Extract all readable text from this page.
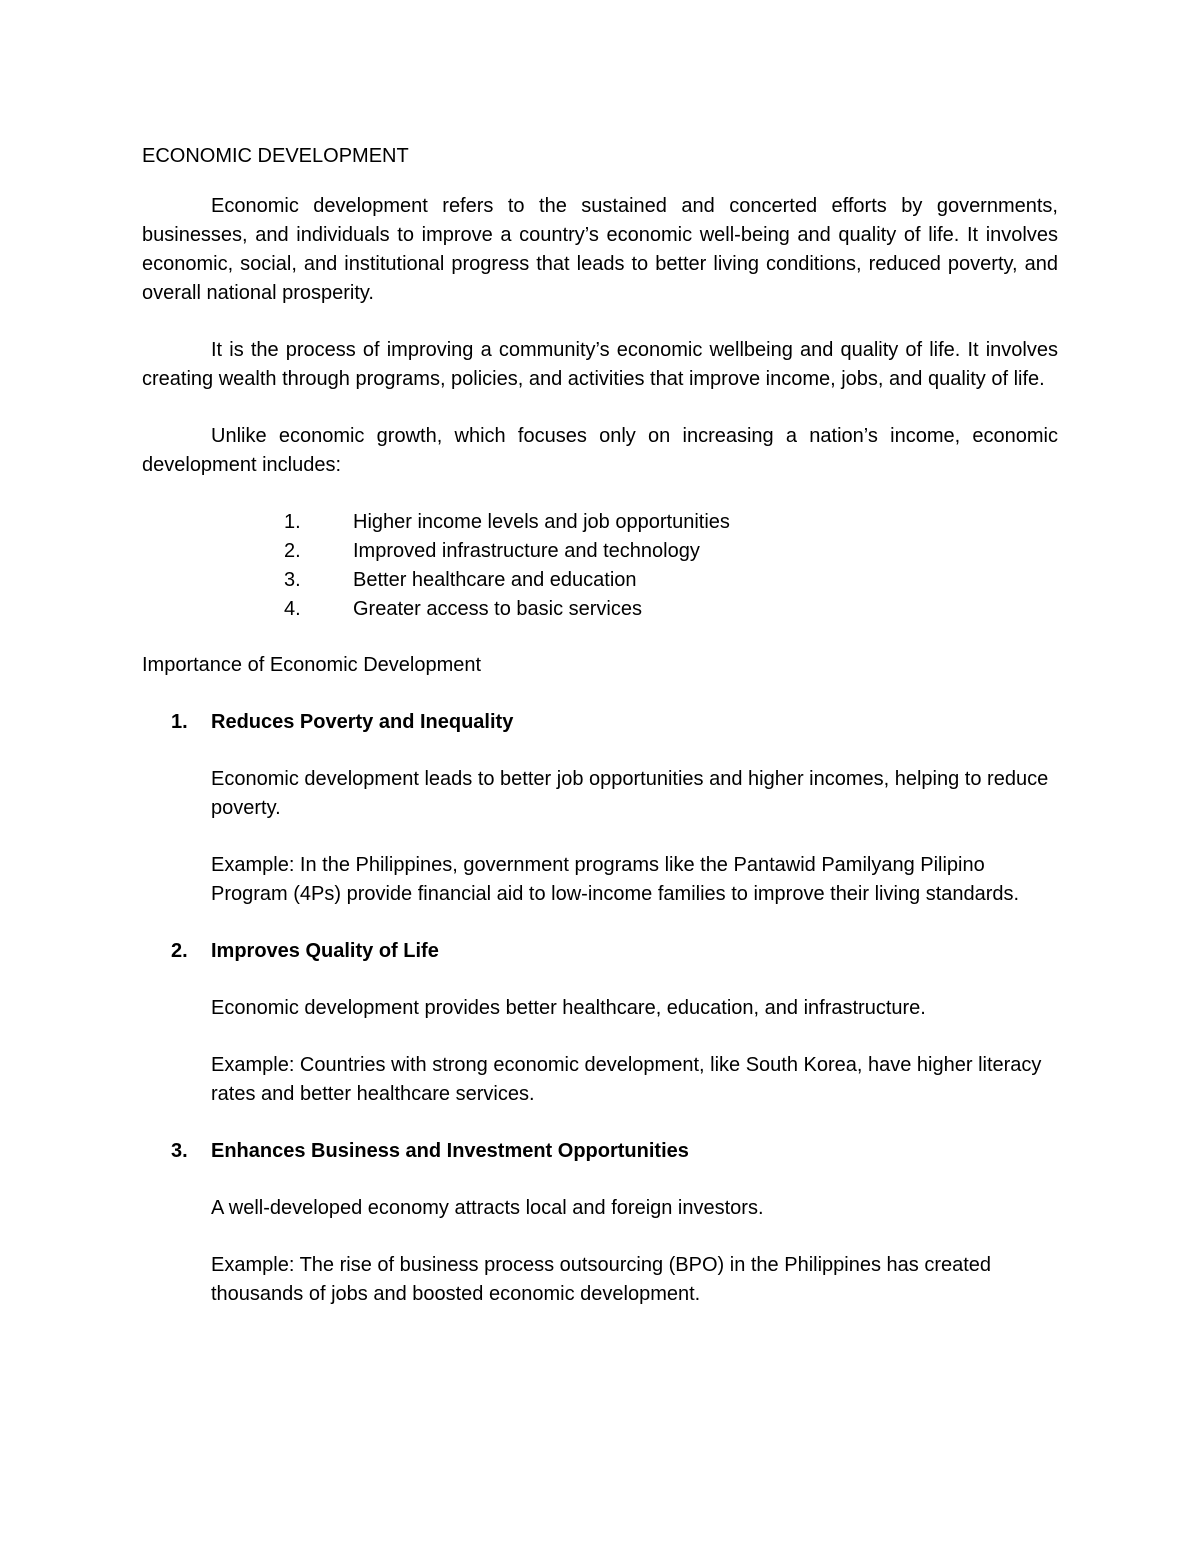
ECONOMIC DEVELOPMENT

Economic development refers to the sustained and concerted efforts by governments, businesses, and individuals to improve a country’s economic well-being and quality of life. It involves economic, social, and institutional progress that leads to better living conditions, reduced poverty, and overall national prosperity.

It is the process of improving a community’s economic wellbeing and quality of life. It involves creating wealth through programs, policies, and activities that improve income, jobs, and quality of life.

Unlike economic growth, which focuses only on increasing a nation’s income, economic development includes:

1.	Higher income levels and job opportunities
2.	Improved infrastructure and technology
3.	Better healthcare and education
4.	Greater access to basic services
Importance of Economic Development
1.	Reduces Poverty and Inequality

Economic development leads to better job opportunities and higher incomes, helping to reduce poverty.

Example: In the Philippines, government programs like the Pantawid Pamilyang Pilipino Program (4Ps) provide financial aid to low-income families to improve their living standards.

2.	Improves Quality of Life

Economic development provides better healthcare, education, and infrastructure.

Example: Countries with strong economic development, like South Korea, have higher literacy rates and better healthcare services.

3.	Enhances Business and Investment Opportunities

A well-developed economy attracts local and foreign investors.

Example: The rise of business process outsourcing (BPO) in the Philippines has created thousands of jobs and boosted economic development.
